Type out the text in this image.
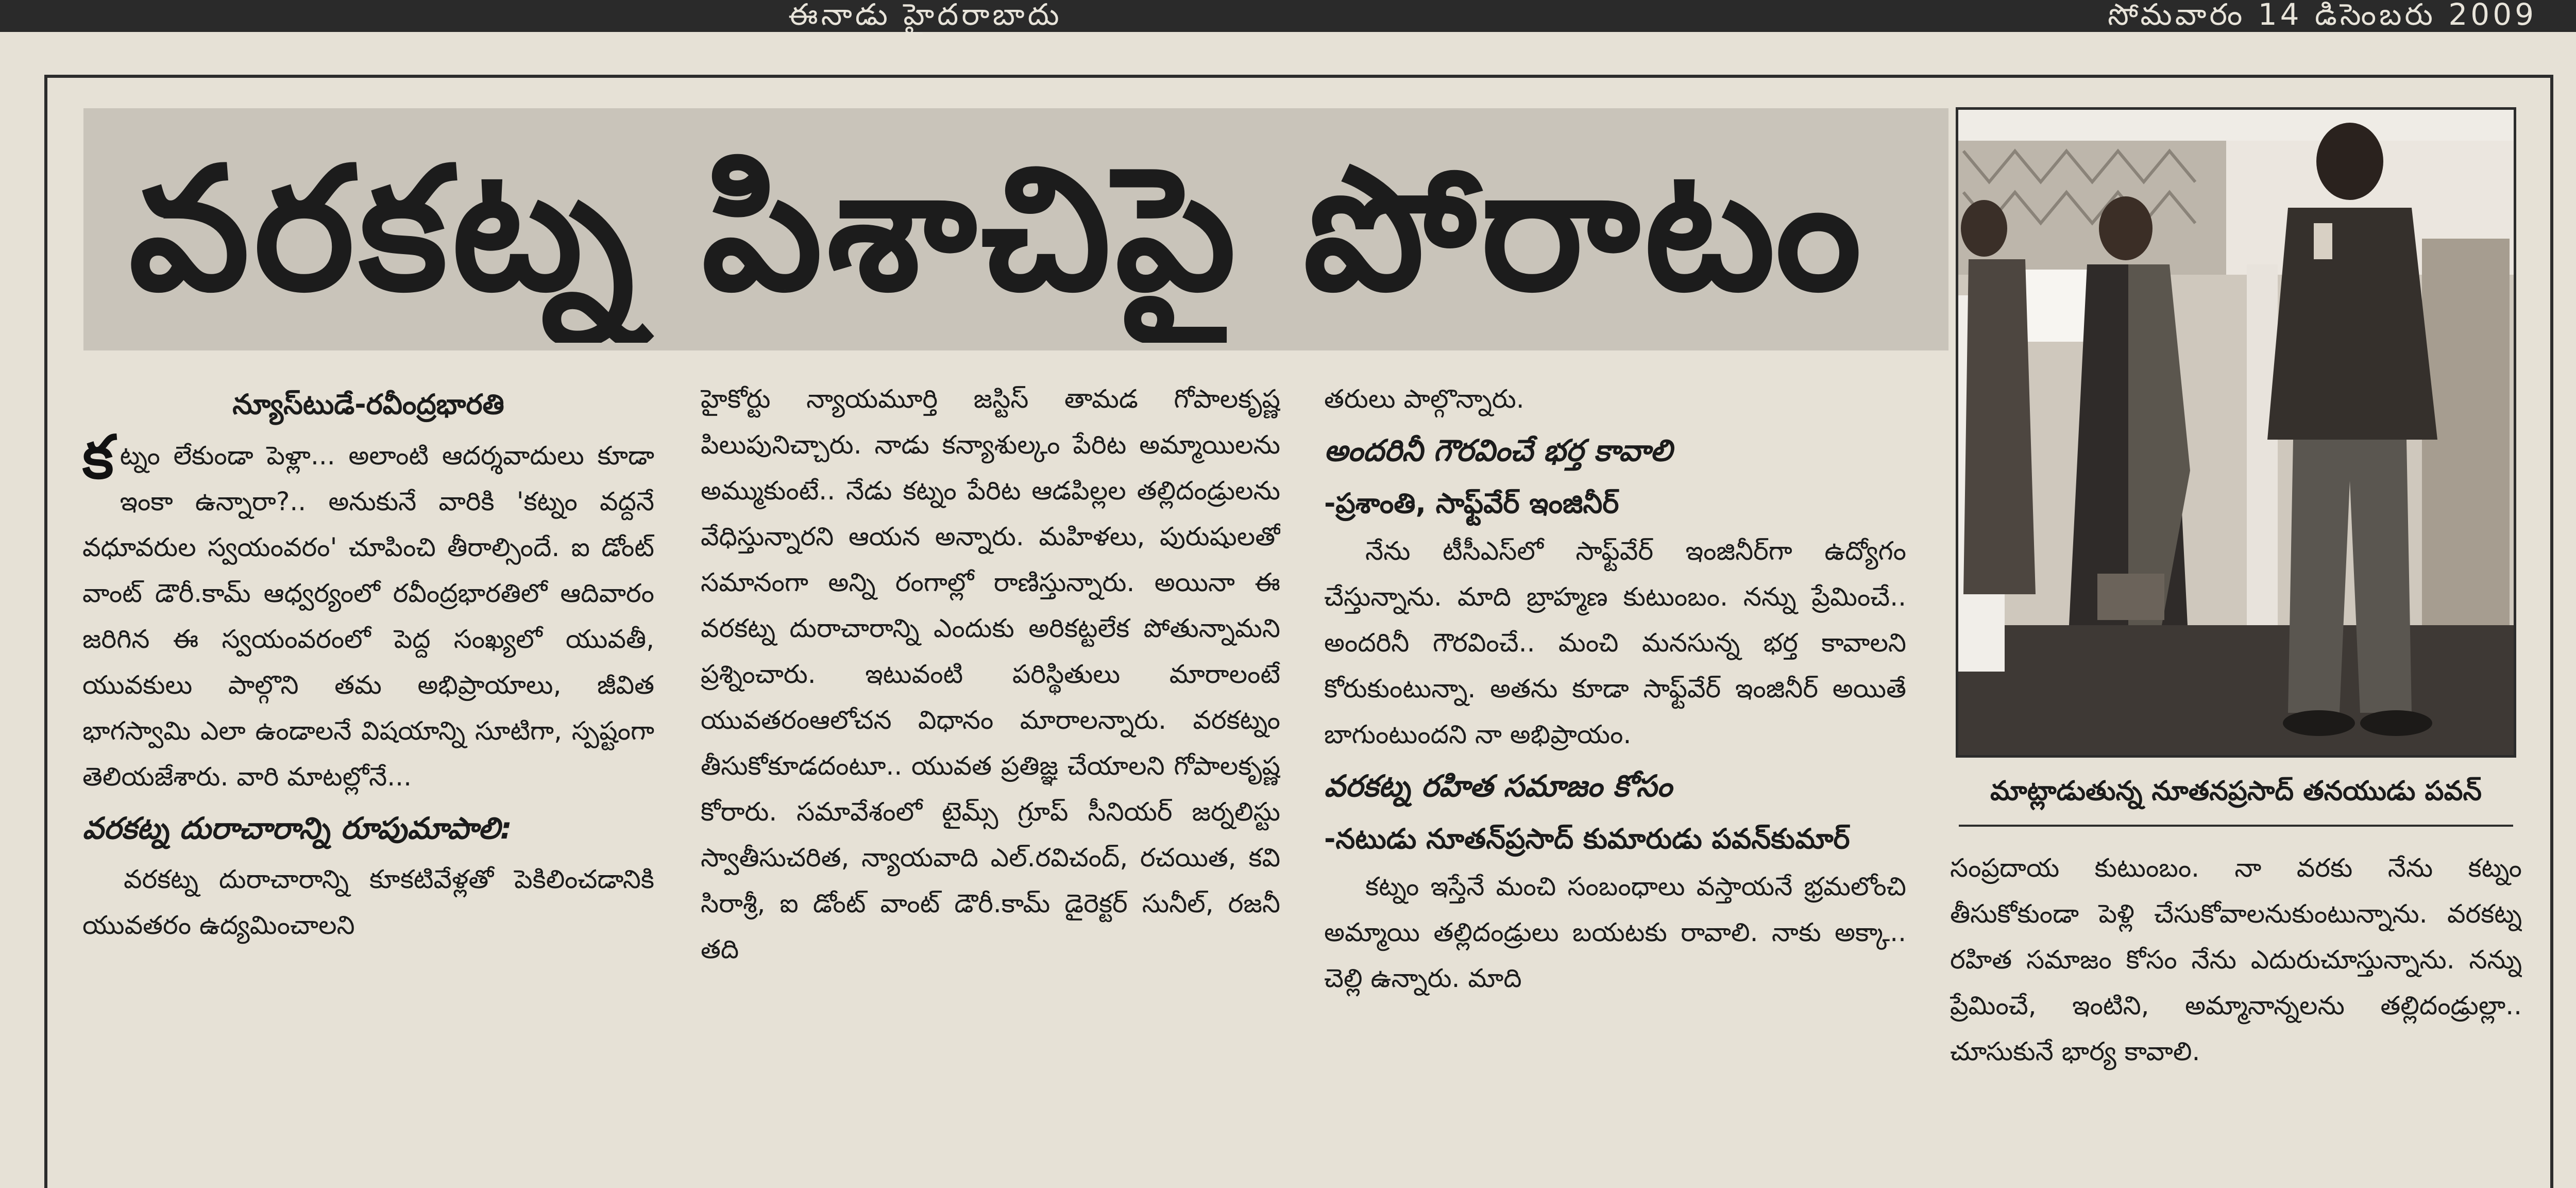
ఈనాడు హైదరాబాదు	సోమవారం 14 డిసెంబరు 2009
వరకట్న పిశాచిపై పోరాటం
మాట్లాడుతున్న నూతనప్రసాద్ తనయుడు పవన్

న్యూస్‌టుడే-రవీంద్రభారతి

కట్నం లేకుండా పెళ్లా... అలాంటి ఆదర్శవాదులు కూడా ఇంకా ఉన్నారా?.. అనుకునే వారికి 'కట్నం వద్దనే వధూవరుల స్వయంవరం' చూపించి తీరాల్సిందే. ఐ డోంట్ వాంట్ డౌరీ.కామ్ ఆధ్వర్యంలో రవీంద్రభారతిలో ఆదివారం జరిగిన ఈ స్వయంవరంలో పెద్ద సంఖ్యలో యువతీ, యువకులు పాల్గొని తమ అభిప్రాయాలు, జీవిత భాగస్వామి ఎలా ఉండాలనే విషయాన్ని సూటిగా, స్పష్టంగా తెలియజేశారు. వారి మాటల్లోనే...

వరకట్న దురాచారాన్ని రూపుమాపాలి:

వరకట్న దురాచారాన్ని కూకటివేళ్లతో పెకిలించడానికి యువతరం ఉద్యమించాలని

హైకోర్టు న్యాయమూర్తి జస్టిస్ తామడ గోపాలకృష్ణ పిలుపునిచ్చారు. నాడు కన్యాశుల్కం పేరిట అమ్మాయిలను అమ్ముకుంటే.. నేడు కట్నం పేరిట ఆడపిల్లల తల్లిదండ్రులను వేధిస్తున్నారని ఆయన అన్నారు. మహిళలు, పురుషులతో సమానంగా అన్ని రంగాల్లో రాణిస్తున్నారు. అయినా ఈ వరకట్న దురాచారాన్ని ఎందుకు అరికట్టలేక పోతున్నామని ప్రశ్నించారు. ఇటువంటి పరిస్థితులు మారాలంటే యువతరంఆలోచన విధానం మారాలన్నారు. వరకట్నం తీసుకోకూడదంటూ.. యువత ప్రతిజ్ఞ చేయాలని గోపాలకృష్ణ కోరారు. సమావేశంలో టైమ్స్ గ్రూప్ సీనియర్ జర్నలిస్టు స్వాతీసుచరిత, న్యాయవాది ఎల్.రవిచంద్, రచయిత, కవి సిరాశ్రీ, ఐ డోంట్ వాంట్ డౌరీ.కామ్ డైరెక్టర్ సునీల్, రజనీ తది

తరులు పాల్గొన్నారు.

అందరినీ గౌరవించే భర్త కావాలి

-ప్రశాంతి, సాఫ్ట్‌వేర్ ఇంజినీర్

నేను టీసీఎస్‌లో సాఫ్ట్‌వేర్ ఇంజినీర్‌గా ఉద్యోగం చేస్తున్నాను. మాది బ్రాహ్మణ కుటుంబం. నన్ను ప్రేమించే.. అందరినీ గౌరవించే.. మంచి మనసున్న భర్త కావాలని కోరుకుంటున్నా. అతను కూడా సాఫ్ట్‌వేర్ ఇంజినీర్ అయితే బాగుంటుందని నా అభిప్రాయం.

వరకట్న రహిత సమాజం కోసం

-నటుడు నూతన్‌ప్రసాద్ కుమారుడు పవన్‌కుమార్

కట్నం ఇస్తేనే మంచి సంబంధాలు వస్తాయనే భ్రమలోంచి అమ్మాయి తల్లిదండ్రులు బయటకు రావాలి. నాకు అక్కా.. చెల్లి ఉన్నారు. మాది

సంప్రదాయ కుటుంబం. నా వరకు నేను కట్నం తీసుకోకుండా పెళ్లి చేసుకోవాలనుకుంటున్నాను. వరకట్న రహిత సమాజం కోసం నేను ఎదురుచూస్తున్నాను. నన్ను ప్రేమించే, ఇంటిని, అమ్మానాన్నలను తల్లిదండ్రుల్లా.. చూసుకునే భార్య కావాలి.
